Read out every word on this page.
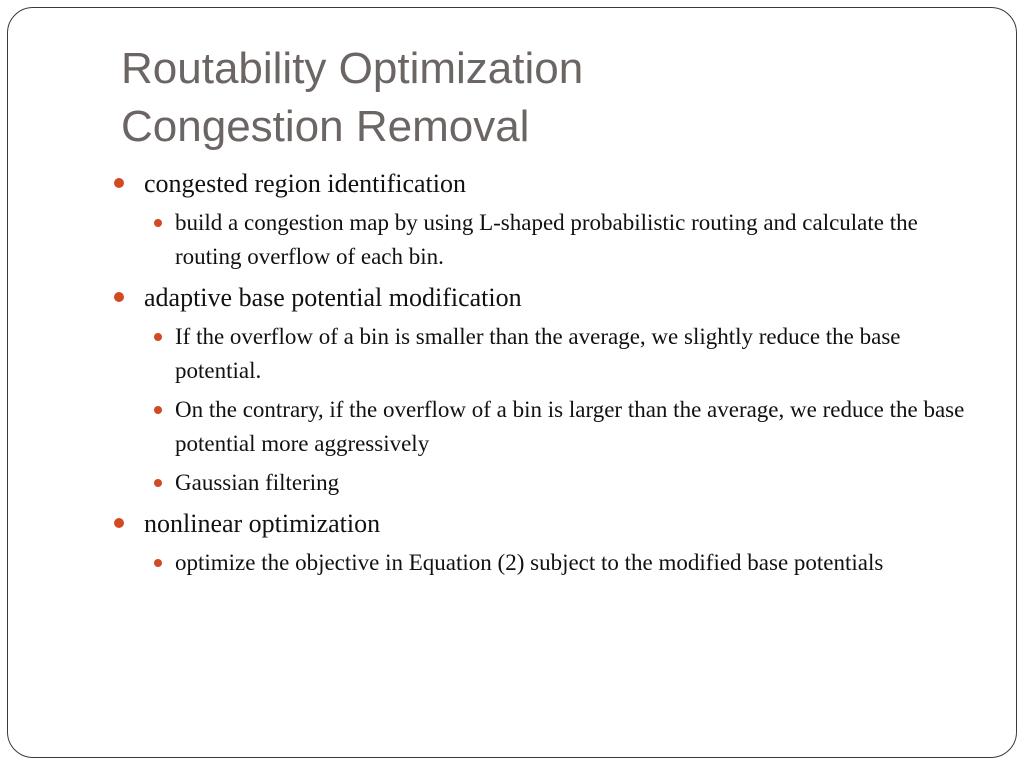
Routability Optimization
Congestion Removal
congested region identification
build a congestion map by using L-shaped probabilistic routing and calculate the routing overflow of each bin.
adaptive base potential modification
If the overflow of a bin is smaller than the average, we slightly reduce the base potential.
On the contrary, if the overflow of a bin is larger than the average, we reduce the base potential more aggressively
Gaussian filtering
nonlinear optimization
optimize the objective in Equation (2) subject to the modified base potentials
